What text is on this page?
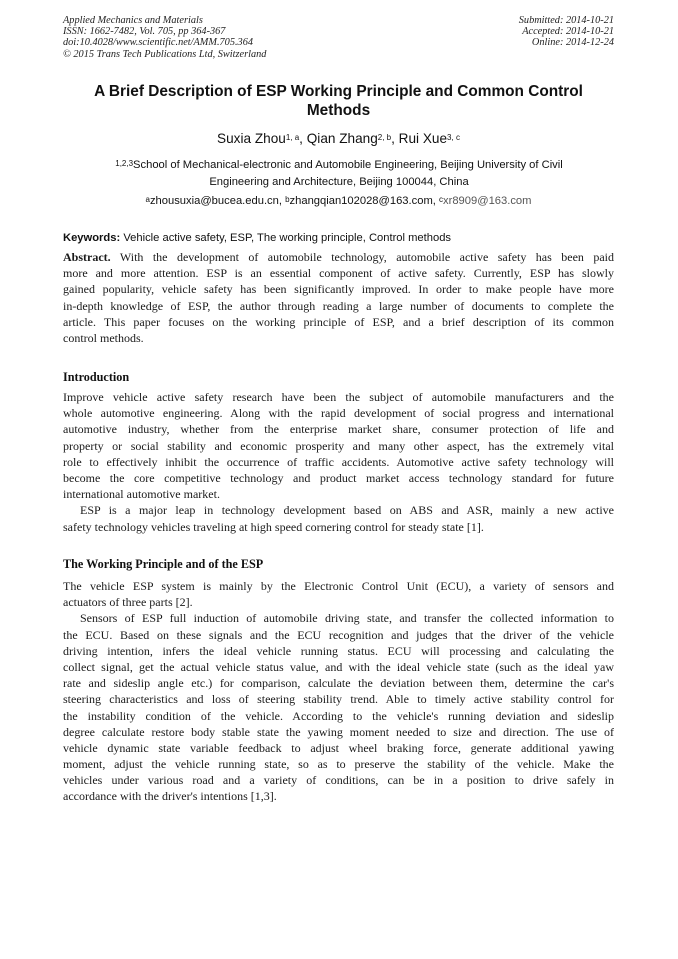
Applied Mechanics and Materials
ISSN: 1662-7482, Vol. 705, pp 364-367
doi:10.4028/www.scientific.net/AMM.705.364
© 2015 Trans Tech Publications Ltd, Switzerland
Submitted: 2014-10-21
Accepted: 2014-10-21
Online: 2014-12-24
A Brief Description of ESP Working Principle and Common Control
Methods
Suxia Zhou$^{1, a}$, Qian Zhang$^{2, b}$, Rui Xue$^{3, c}$
$^{1,2,3}$School of Mechanical-electronic and Automobile Engineering, Beijing University of Civil
Engineering and Architecture, Beijing 100044, China
$^a$zhousuxia@bucea.edu.cn, $^b$zhangqian102028@163.com, $^c$xr8909@163.com
Keywords: Vehicle active safety, ESP, The working principle, Control methods
Abstract. With the development of automobile technology, automobile active safety has been paid
more and more attention. ESP is an essential component of active safety. Currently, ESP has slowly
gained popularity, vehicle safety has been significantly improved. In order to make people have more
in-depth knowledge of ESP, the author through reading a large number of documents to complete the
article. This paper focuses on the working principle of ESP, and a brief description of its common
control methods.
Introduction
Improve vehicle active safety research have been the subject of automobile manufacturers and the
whole automotive engineering. Along with the rapid development of social progress and international
automotive industry, whether from the enterprise market share, consumer protection of life and
property or social stability and economic prosperity and many other aspect, has the extremely vital
role to effectively inhibit the occurrence of traffic accidents. Automotive active safety technology will
become the core competitive technology and product market access technology standard for future
international automotive market.
ESP is a major leap in technology development based on ABS and ASR, mainly a new active
safety technology vehicles traveling at high speed cornering control for steady state [1].
The Working Principle and of the ESP
The vehicle ESP system is mainly by the Electronic Control Unit (ECU), a variety of sensors and
actuators of three parts [2].
Sensors of ESP full induction of automobile driving state, and transfer the collected information to
the ECU. Based on these signals and the ECU recognition and judges that the driver of the vehicle
driving intention, infers the ideal vehicle running status. ECU will processing and calculating the
collect signal, get the actual vehicle status value, and with the ideal vehicle state (such as the ideal yaw
rate and sideslip angle etc.) for comparison, calculate the deviation between them, determine the car's
steering characteristics and loss of steering stability trend. Able to timely active stability control for
the instability condition of the vehicle. According to the vehicle's running deviation and sideslip
degree calculate restore body stable state the yawing moment needed to size and direction. The use of
vehicle dynamic state variable feedback to adjust wheel braking force, generate additional yawing
moment, adjust the vehicle running state, so as to preserve the stability of the vehicle. Make the
vehicles under various road and a variety of conditions, can be in a position to drive safely in
accordance with the driver's intentions [1,3].
